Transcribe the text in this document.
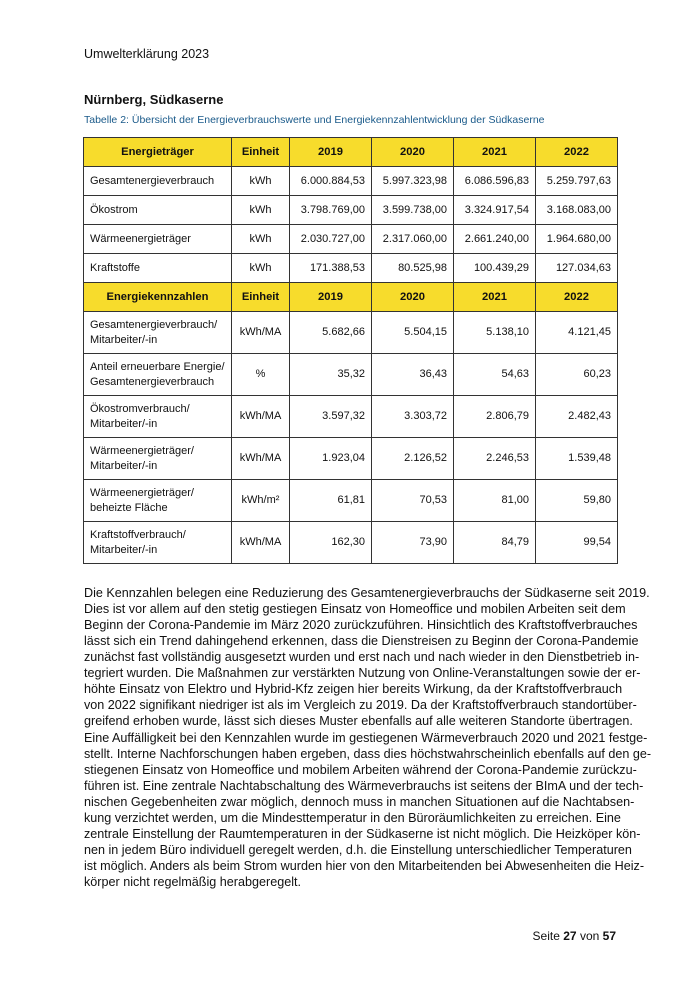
Umwelterklärung 2023
Nürnberg, Südkaserne
Tabelle 2: Übersicht der Energieverbrauchswerte und Energiekennzahlentwicklung der Südkaserne
Energieträger	Einheit	2019	2020	2021	2022
Gesamtenergieverbrauch	kWh	6.000.884,53	5.997.323,98	6.086.596,83	5.259.797,63
Ökostrom	kWh	3.798.769,00	3.599.738,00	3.324.917,54	3.168.083,00
Wärmeenergieträger	kWh	2.030.727,00	2.317.060,00	2.661.240,00	1.964.680,00
Kraftstoffe	kWh	171.388,53	80.525,98	100.439,29	127.034,63
Energiekennzahlen	Einheit	2019	2020	2021	2022

Gesamtenergieverbrauch/
Mitarbeiter/-in	kWh/MA	5.682,66	5.504,15	5.138,10	4.121,45

Anteil erneuerbare Energie/
Gesamtenergieverbrauch	%	35,32	36,43	54,63	60,23

Ökostromverbrauch/
Mitarbeiter/-in	kWh/MA	3.597,32	3.303,72	2.806,79	2.482,43

Wärmeenergieträger/
Mitarbeiter/-in	kWh/MA	1.923,04	2.126,52	2.246,53	1.539,48

Wärmeenergieträger/
beheizte Fläche	kWh/m²	61,81	70,53	81,00	59,80

Kraftstoffverbrauch/
Mitarbeiter/-in	kWh/MA	162,30	73,90	84,79	99,54
Die Kennzahlen belegen eine Reduzierung des Gesamtenergieverbrauchs der Südkaserne seit 2019.
Dies ist vor allem auf den stetig gestiegen Einsatz von Homeoffice und mobilen Arbeiten seit dem
Beginn der Corona-Pandemie im März 2020 zurückzuführen. Hinsichtlich des Kraftstoffverbrauches
lässt sich ein Trend dahingehend erkennen, dass die Dienstreisen zu Beginn der Corona-Pandemie
zunächst fast vollständig ausgesetzt wurden und erst nach und nach wieder in den Dienstbetrieb in-
tegriert wurden. Die Maßnahmen zur verstärkten Nutzung von Online-Veranstaltungen sowie der er-
höhte Einsatz von Elektro und Hybrid-Kfz zeigen hier bereits Wirkung, da der Kraftstoffverbrauch
von 2022 signifikant niedriger ist als im Vergleich zu 2019. Da der Kraftstoffverbrauch standortüber-
greifend erhoben wurde, lässt sich dieses Muster ebenfalls auf alle weiteren Standorte übertragen.
Eine Auffälligkeit bei den Kennzahlen wurde im gestiegenen Wärmeverbrauch 2020 und 2021 festge-
stellt. Interne Nachforschungen haben ergeben, dass dies höchstwahrscheinlich ebenfalls auf den ge-
stiegenen Einsatz von Homeoffice und mobilem Arbeiten während der Corona-Pandemie zurückzu-
führen ist. Eine zentrale Nachtabschaltung des Wärmeverbrauchs ist seitens der BImA und der tech-
nischen Gegebenheiten zwar möglich, dennoch muss in manchen Situationen auf die Nachtabsen-
kung verzichtet werden, um die Mindesttemperatur in den Büroräumlichkeiten zu erreichen. Eine
zentrale Einstellung der Raumtemperaturen in der Südkaserne ist nicht möglich. Die Heizköper kön-
nen in jedem Büro individuell geregelt werden, d.h. die Einstellung unterschiedlicher Temperaturen
ist möglich. Anders als beim Strom wurden hier von den Mitarbeitenden bei Abwesenheiten die Heiz-
körper nicht regelmäßig herabgeregelt.
Seite 27 von 57
